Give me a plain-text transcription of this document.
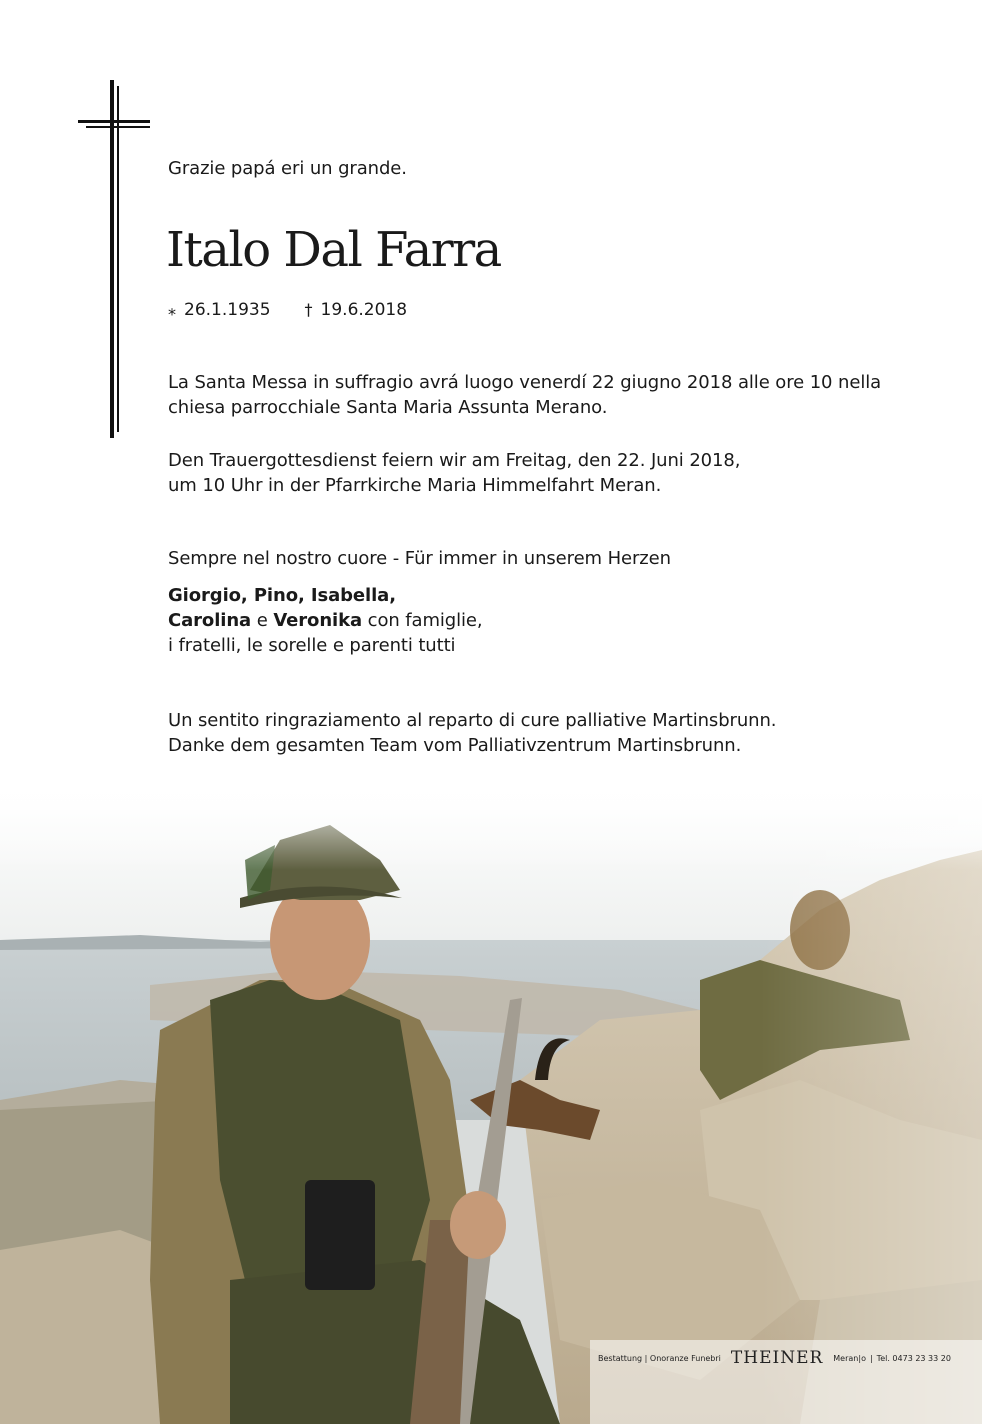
Grazie papá eri un grande.
Italo Dal Farra
⁎ 26.1.1935 † 19.6.2018
La Santa Messa in suffragio avrá luogo venerdí 22 giugno 2018 alle ore 10 nella chiesa parrocchiale Santa Maria Assunta Merano.
Den Trauergottesdienst feiern wir am Freitag, den 22. Juni 2018,
um 10 Uhr in der Pfarrkirche Maria Himmelfahrt Meran.
Sempre nel nostro cuore - Für immer in unserem Herzen
Giorgio, Pino, Isabella,
Carolina e Veronika con famiglie,
i fratelli, le sorelle e parenti tutti
Un sentito ringraziamento al reparto di cure palliative Martinsbrunn.
Danke dem gesamten Team vom Palliativzentrum Martinsbrunn.
Bestattung | Onoranze Funebri THEINER Meran|o | Tel. 0473 23 33 20
